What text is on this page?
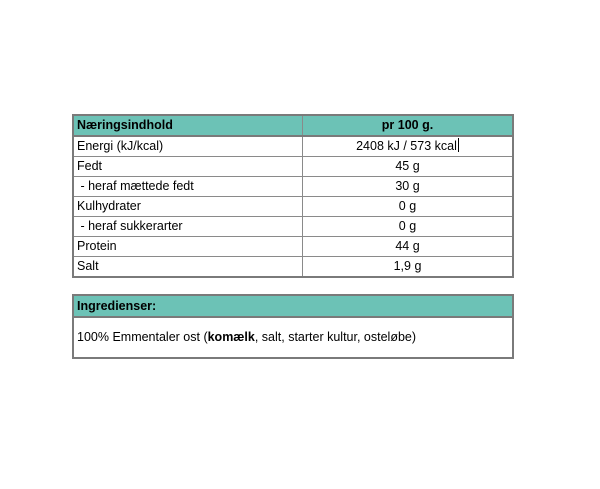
Næringsindhold	pr 100 g.
Energi (kJ/kcal)	2408 kJ / 573 kcal
Fedt	45 g
- heraf mættede fedt	30 g
Kulhydrater	0 g
- heraf sukkerarter	0 g
Protein	44 g
Salt	1,9 g
Ingredienser:
100% Emmentaler ost (komælk, salt, starter kultur, osteløbe)
